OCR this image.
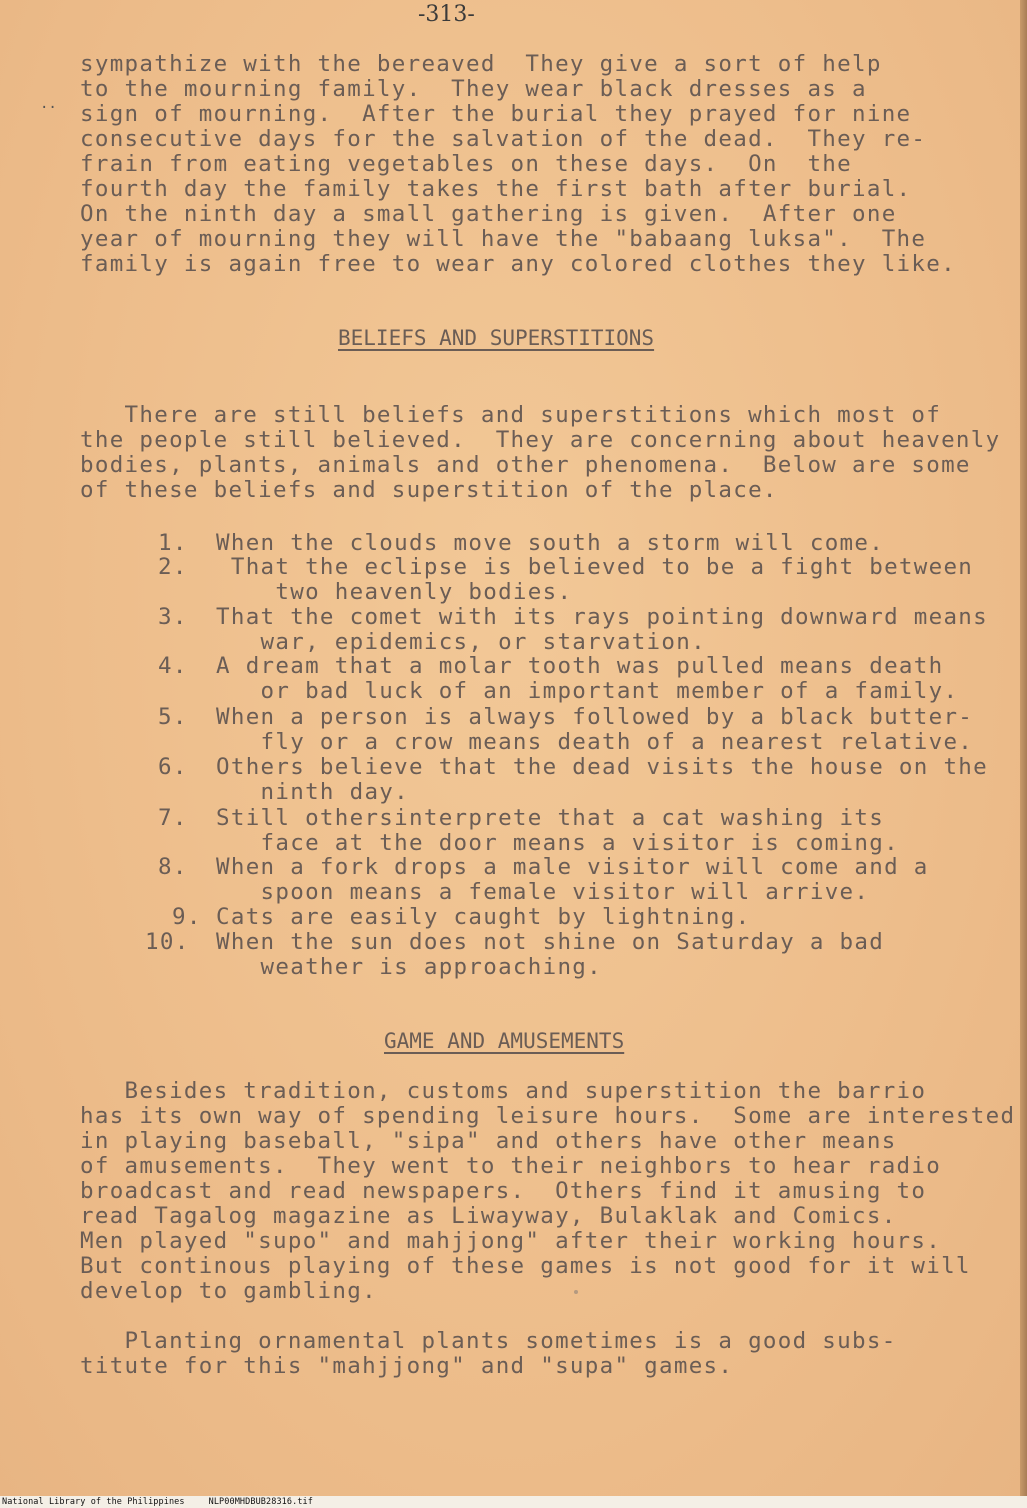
-313-
..
sympathize with the bereaved  They give a sort of help
to the mourning family.  They wear black dresses as a
sign of mourning.  After the burial they prayed for nine
consecutive days for the salvation of the dead.  They re-
frain from eating vegetables on these days.  On  the
fourth day the family takes the first bath after burial.
On the ninth day a small gathering is given.  After one
year of mourning they will have the "babaang luksa".  The
family is again free to wear any colored clothes they like.
BELIEFS AND SUPERSTITIONS
There are still beliefs and superstitions which most of
the people still believed.  They are concerning about heavenly
bodies, plants, animals and other phenomena.  Below are some
of these beliefs and superstition of the place.
1. When the clouds move south a storm will come.
2. That the eclipse is believed to be a fight between
two heavenly bodies.
3. That the comet with its rays pointing downward means
war, epidemics, or starvation.
4. A dream that a molar tooth was pulled means death
or bad luck of an important member of a family.
5. When a person is always followed by a black butter-
fly or a crow means death of a nearest relative.
6. Others believe that the dead visits the house on the
ninth day.
7. Still othersinterprete that a cat washing its
face at the door means a visitor is coming.
8. When a fork drops a male visitor will come and a
spoon means a female visitor will arrive.
9. Cats are easily caught by lightning.
10. When the sun does not shine on Saturday a bad
weather is approaching.
GAME AND AMUSEMENTS
Besides tradition, customs and superstition the barrio
has its own way of spending leisure hours.  Some are interested
in playing baseball, "sipa" and others have other means
of amusements.  They went to their neighbors to hear radio
broadcast and read newspapers.  Others find it amusing to
read Tagalog magazine as Liwayway, Bulaklak and Comics.
Men played "supo" and mahjjong" after their working hours.
But continous playing of these games is not good for it will
develop to gambling.
Planting ornamental plants sometimes is a good subs-
titute for this "mahjjong" and "supa" games.
National Library of the Philippines	NLP00MHDBUB28316.tif
